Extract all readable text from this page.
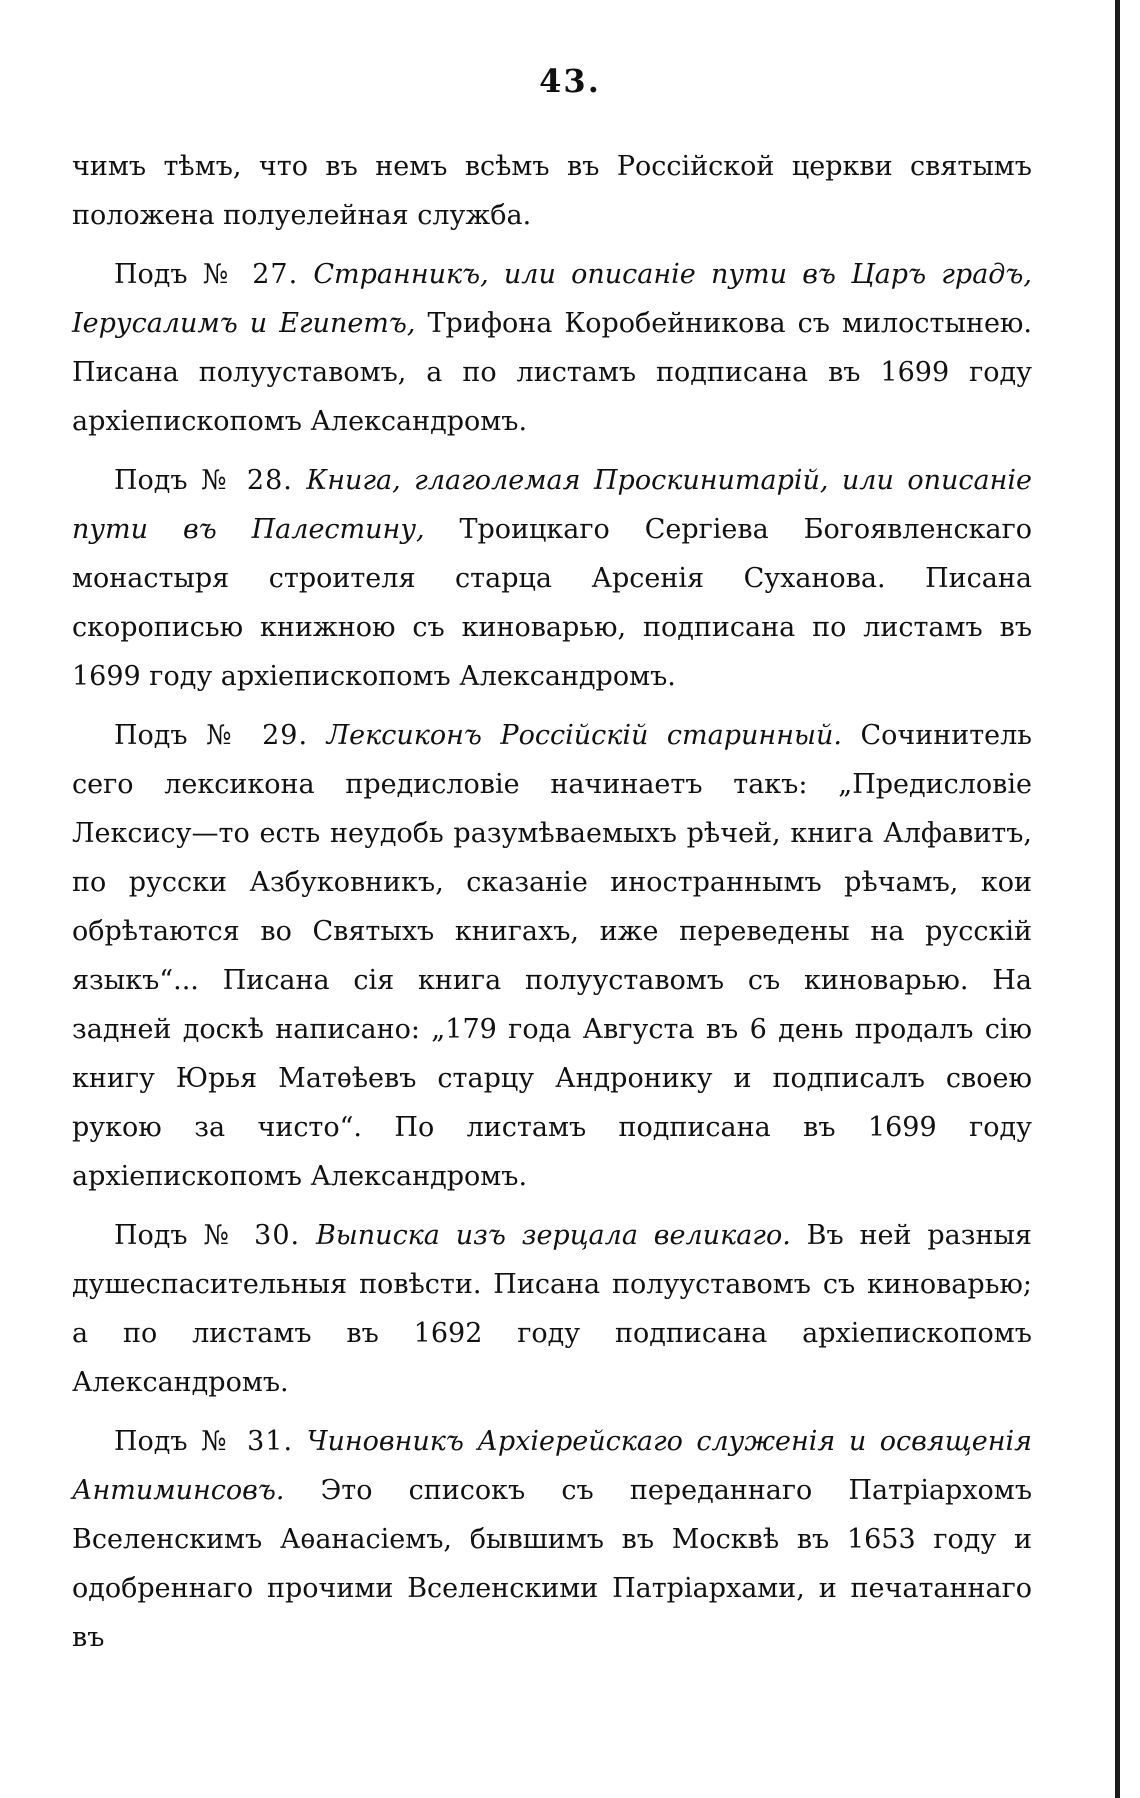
43.

чимъ тѣмъ, что въ немъ всѣмъ въ Россійской церкви святымъ положена полуелейная служба.

Подъ № 27. Странникъ, или описаніе пути въ Царъ градъ, Іерусалимъ и Египетъ, Трифона Коробейникова съ милостынею. Писана полууставомъ, а по листамъ подписана въ 1699 году архіепископомъ Александромъ.

Подъ № 28. Книга, глаголемая Проскинитарій, или описаніе пути въ Палестину, Троицкаго Сергіева Богоявленскаго монастыря строителя старца Арсенія Суханова. Писана скорописью книжною съ киноварью, подписана по листамъ въ 1699 году архіепископомъ Александромъ.

Подъ № 29. Лексиконъ Россійскій старинный. Сочинитель сего лексикона предисловіе начинаетъ такъ: „Предисловіе Лексису—то есть неудобь разумѣваемыхъ рѣчей, книга Алфавитъ, по русски Азбуковникъ, сказаніе иностраннымъ рѣчамъ, кои обрѣтаются во Святыхъ книгахъ, иже переведены на русскій языкъ“... Писана сія книга полууставомъ съ киноварью. На задней доскѣ написано: „179 года Августа въ 6 день продалъ сію книгу Юрья Матѳѣевъ старцу Андронику и подписалъ своею рукою за чисто“. По листамъ подписана въ 1699 году архіепископомъ Александромъ.

Подъ № 30. Выписка изъ зерцала великаго. Въ ней разныя душеспасительныя повѣсти. Писана полууставомъ съ киноварью; а по листамъ въ 1692 году подписана архіепископомъ Александромъ.

Подъ № 31. Чиновникъ Архіерейскаго служенія и освященія Антиминсовъ. Это списокъ съ переданнаго Патріархомъ Вселенскимъ Аѳанасіемъ, бывшимъ въ Москвѣ въ 1653 году и одобреннаго прочими Вселенскими Патріархами, и печатаннаго въ
